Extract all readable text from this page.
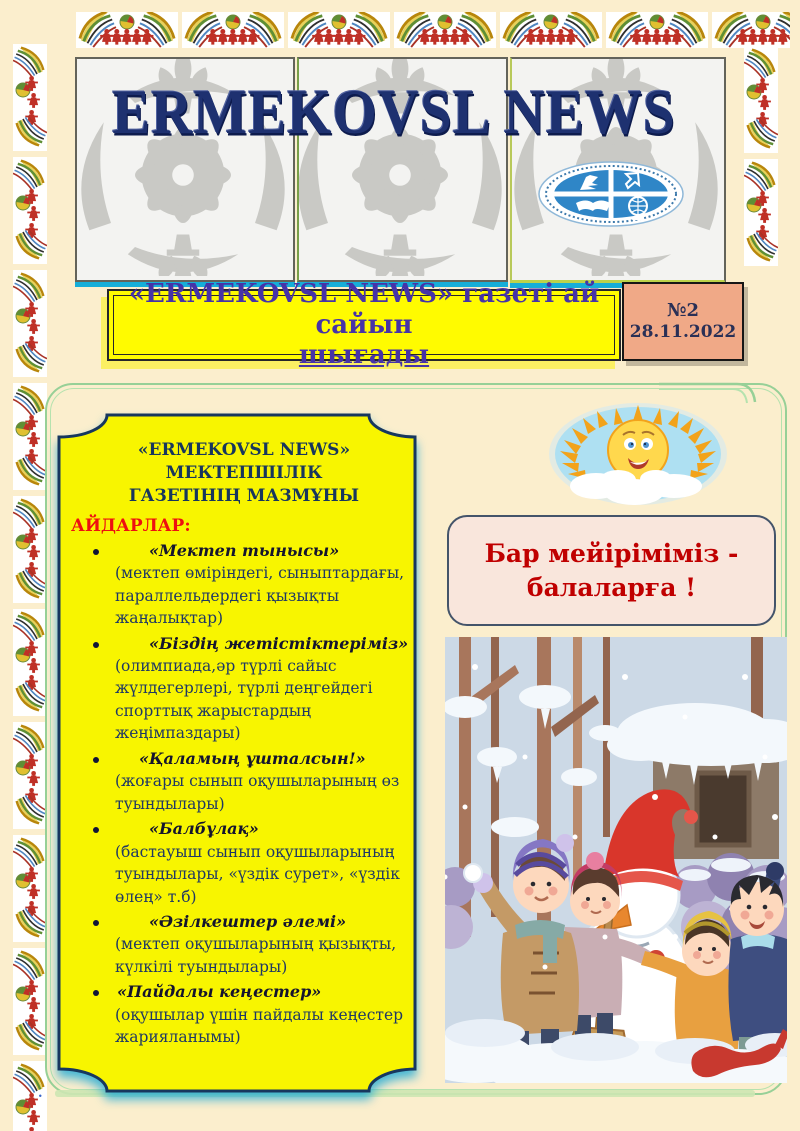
ERMEKOVSL NEWS
«ERMEKOVSL NEWS» газеті ай сайын
шығады
№2
28.11.2022
«ERMEKOVSL NEWS» МЕКТЕПШІЛІК
ГАЗЕТІНІҢ МАЗМҰНЫ
АЙДАРЛАР:
«Мектеп тынысы»
(мектеп өміріндегі, сыныптардағы, параллельдердегі қызықты жаңалықтар)
«Біздің жетістіктеріміз»
(олимпиада,әр түрлі сайыс жүлдегерлері, түрлі деңгейдегі спорттық жарыстардың жеңімпаздары)
«Қаламың ұшталсын!»
(жоғары сынып оқушыларының өз туындылары)
«Балбұлақ»
(бастауыш сынып оқушыларының туындылары, «үздік сурет», «үздік өлең» т.б)
«Әзілкештер әлемі»
(мектеп оқушыларының қызықты, күлкілі туындылары)
«Пайдалы кеңестер»
(оқушылар үшін пайдалы кеңестер жарияланымы)
Бар мейіріміміз -
балаларға !
.
